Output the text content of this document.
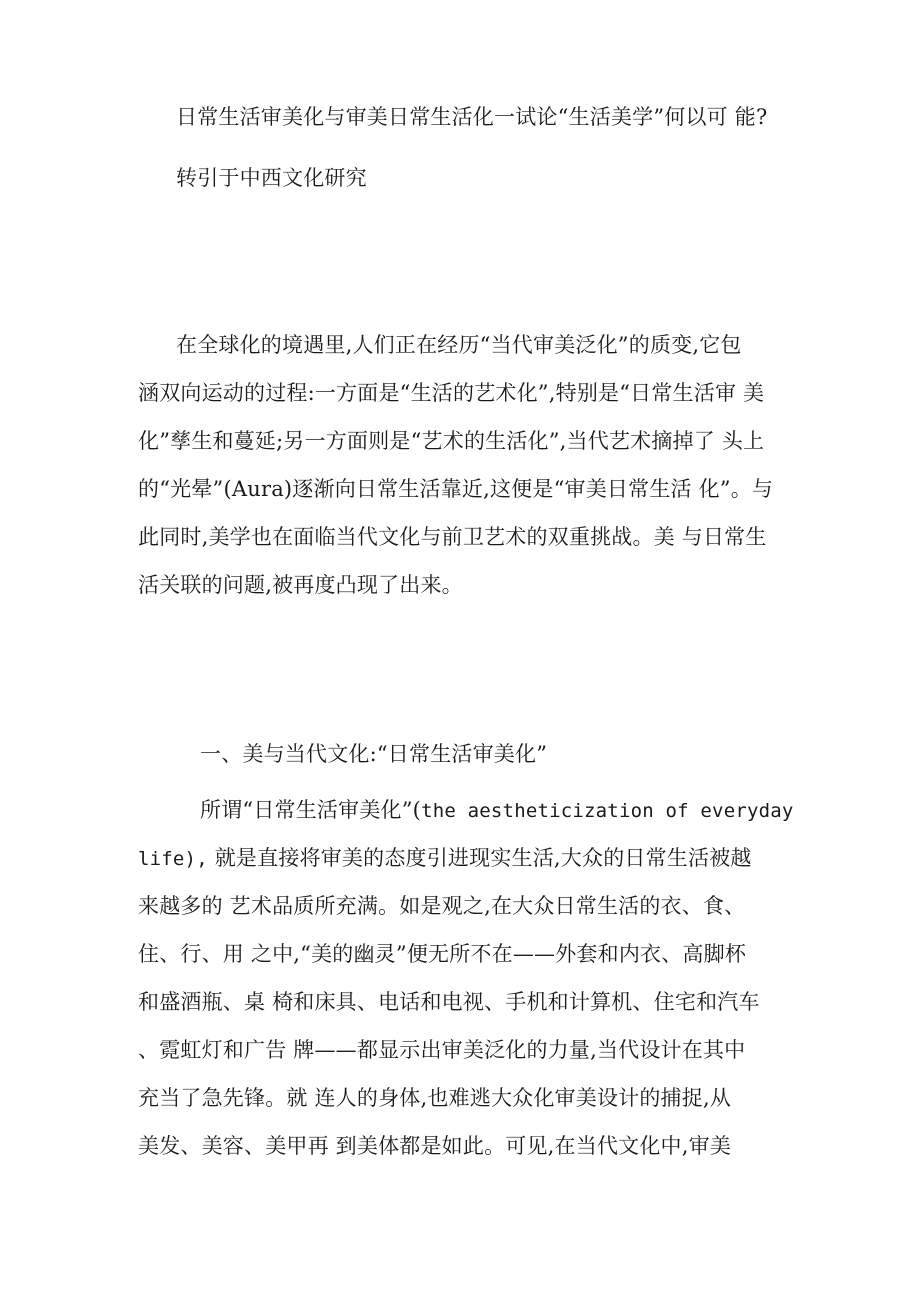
日常生活审美化与审美日常生活化一试论“生活美学”何以可 能?
转引于中西文化研究
在全球化的境遇里,人们正在经历“当代审美泛化”的质变,它包
涵双向运动的过程:一方面是“生活的艺术化”,特别是“日常生活审 美
化”孳生和蔓延;另一方面则是“艺术的生活化”,当代艺术摘掉了 头上
的“光晕”(Aura)逐渐向日常生活靠近,这便是“审美日常生活 化”。与
此同时,美学也在面临当代文化与前卫艺术的双重挑战。美 与日常生
活关联的问题,被再度凸现了出来。
一、美与当代文化:“日常生活审美化”
所谓“日常生活审美化”(the aestheticization of everyday
life), 就是直接将审美的态度引进现实生活,大众的日常生活被越
来越多的 艺术品质所充满。如是观之,在大众日常生活的衣、食、
住、行、用 之中,“美的幽灵”便无所不在——外套和内衣、高脚杯
和盛酒瓶、桌 椅和床具、电话和电视、手机和计算机、住宅和汽车
、霓虹灯和广告 牌——都显示出审美泛化的力量,当代设计在其中
充当了急先锋。就 连人的身体,也难逃大众化审美设计的捕捉,从
美发、美容、美甲再 到美体都是如此。可见,在当代文化中,审美
